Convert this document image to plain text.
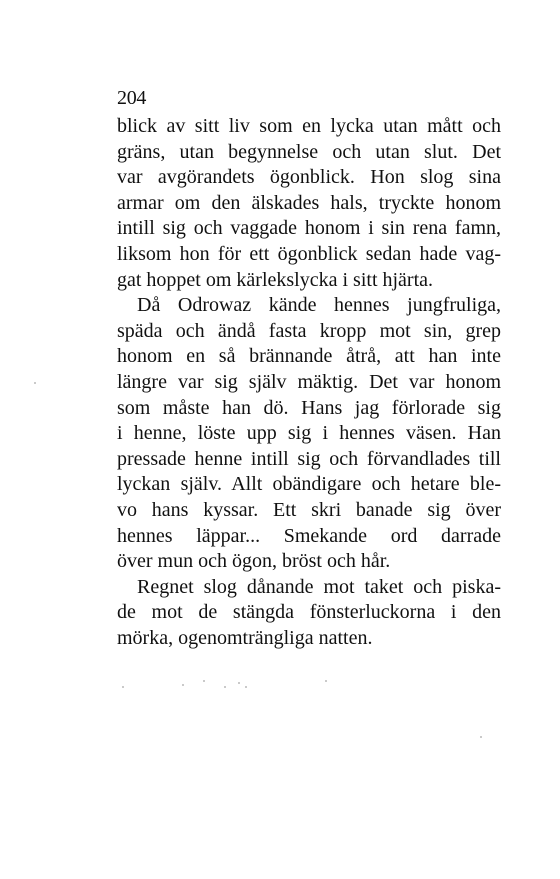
204
blick av sitt liv som en lycka utan mått och
gräns, utan begynnelse och utan slut. Det
var avgörandets ögonblick. Hon slog sina
armar om den älskades hals, tryckte honom
intill sig och vaggade honom i sin rena famn,
liksom hon för ett ögonblick sedan hade vag-
gat hoppet om kärlekslycka i sitt hjärta.
Då Odrowaz kände hennes jungfruliga,
späda och ändå fasta kropp mot sin, grep
honom en så brännande åtrå, att han inte
längre var sig själv mäktig. Det var honom
som måste han dö. Hans jag förlorade sig
i henne, löste upp sig i hennes väsen. Han
pressade henne intill sig och förvandlades till
lyckan själv. Allt obändigare och hetare ble-
vo hans kyssar. Ett skri banade sig över
hennes läppar... Smekande ord darrade
över mun och ögon, bröst och hår.
Regnet slog dånande mot taket och piska-
de mot de stängda fönsterluckorna i den
mörka, ogenomträngliga natten.
